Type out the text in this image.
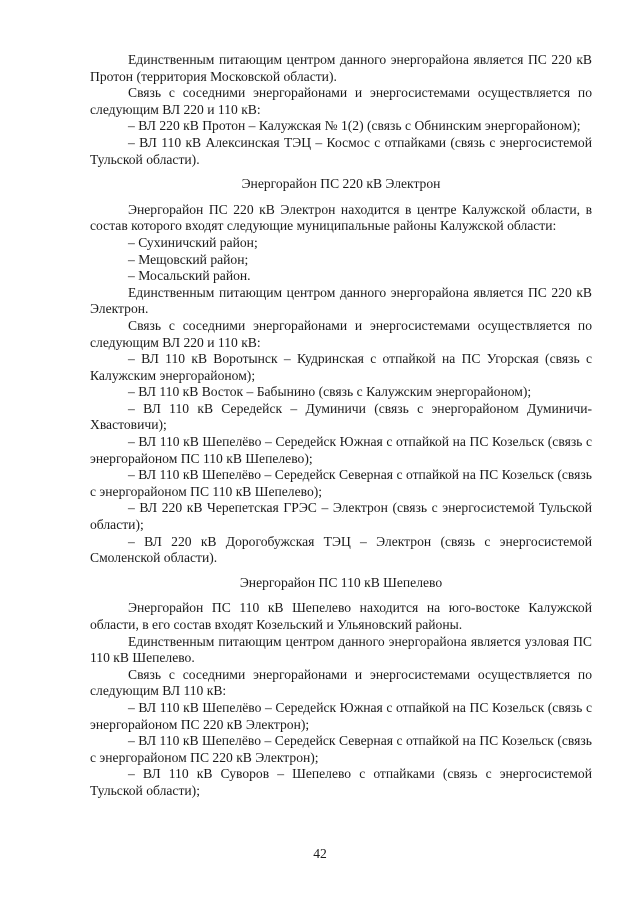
Единственным питающим центром данного энергорайона является ПС 220 кВ Протон (территория Московской области).

Связь с соседними энергорайонами и энергосистемами осуществляется по следующим ВЛ 220 и 110 кВ:

– ВЛ 220 кВ Протон – Калужская № 1(2) (связь с Обнинским энергорайоном);

– ВЛ 110 кВ Алексинская ТЭЦ – Космос с отпайками (связь с энергосистемой Тульской области).

Энергорайон ПС 220 кВ Электрон

Энергорайон ПС 220 кВ Электрон находится в центре Калужской области, в состав которого входят следующие муниципальные районы Калужской области:

– Сухиничский район;

– Мещовский район;

– Мосальский район.

Единственным питающим центром данного энергорайона является ПС 220 кВ Электрон.

Связь с соседними энергорайонами и энергосистемами осуществляется по следующим ВЛ 220 и 110 кВ:

– ВЛ 110 кВ Воротынск – Кудринская с отпайкой на ПС Угорская (связь с Калужским энергорайоном);

– ВЛ 110 кВ Восток – Бабынино (связь с Калужским энергорайоном);

– ВЛ 110 кВ Середейск – Думиничи (связь с энергорайоном Думиничи-Хвастовичи);

– ВЛ 110 кВ Шепелёво – Середейск Южная с отпайкой на ПС Козельск (связь с энергорайоном ПС 110 кВ Шепелево);

– ВЛ 110 кВ Шепелёво – Середейск Северная с отпайкой на ПС Козельск (связь с энергорайоном ПС 110 кВ Шепелево);

– ВЛ 220 кВ Черепетская ГРЭС – Электрон (связь с энергосистемой Тульской области);

– ВЛ 220 кВ Дорогобужская ТЭЦ – Электрон (связь с энергосистемой Смоленской области).

Энергорайон ПС 110 кВ Шепелево

Энергорайон ПС 110 кВ Шепелево находится на юго-востоке Калужской области, в его состав входят Козельский и Ульяновский районы.

Единственным питающим центром данного энергорайона является узловая ПС 110 кВ Шепелево.

Связь с соседними энергорайонами и энергосистемами осуществляется по следующим ВЛ 110 кВ:

– ВЛ 110 кВ Шепелёво – Середейск Южная с отпайкой на ПС Козельск (связь с энергорайоном ПС 220 кВ Электрон);

– ВЛ 110 кВ Шепелёво – Середейск Северная с отпайкой на ПС Козельск (связь с энергорайоном ПС 220 кВ Электрон);

– ВЛ 110 кВ Суворов – Шепелево с отпайками (связь с энергосистемой Тульской области);

42
